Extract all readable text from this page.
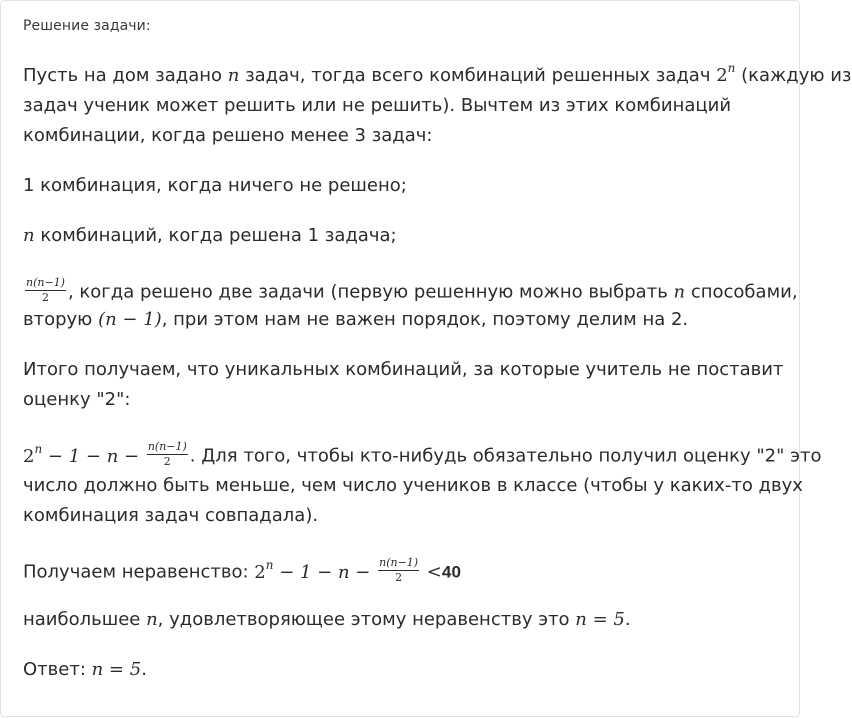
Решение задачи:
Пусть на дом задано n задач, тогда всего комбинаций решенных задач 2$^n$ (каждую из
задач ученик может решить или не решить). Вычтем из этих комбинаций
комбинации, когда решено менее 3 задач:
1 комбинация, когда ничего не решено;
n комбинаций, когда решена 1 задача;
$\frac{n(n-1)}{2}$ , когда решено две задачи (первую решенную можно выбрать n способами,
вторую (n − 1), при этом нам не важен порядок, поэтому делим на 2.
Итого получаем, что уникальных комбинаций, за которые учитель не поставит
оценку "2":
$2^n - 1 - n - \frac{n(n-1)}{2}$ . Для того, чтобы кто-нибудь обязательно получил оценку "2" это
число должно быть меньше, чем число учеников в классе (чтобы у каких-то двух
комбинация задач совпадала).
Получаем неравенство: $2^n - 1 - n - \frac{n(n-1)}{2} <40$
наибольшее n, удовлетворяющее этому неравенству это n = 5.
Ответ: n = 5.
